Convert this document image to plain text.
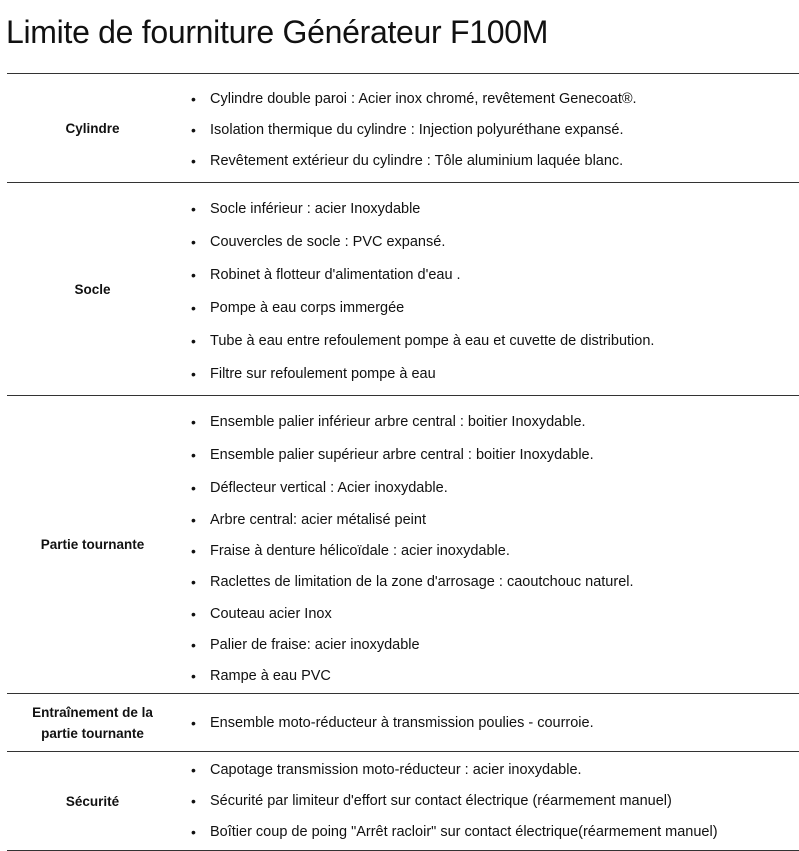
Limite de fourniture Générateur F100M
Cylindre
• Cylindre double paroi : Acier inox chromé, revêtement Genecoat®.
• Isolation thermique du cylindre : Injection polyuréthane expansé.
• Revêtement extérieur du cylindre : Tôle aluminium laquée blanc.
Socle
• Socle inférieur : acier Inoxydable
• Couvercles de socle : PVC expansé.
• Robinet à flotteur d'alimentation d'eau .
• Pompe à eau corps immergée
• Tube à eau entre refoulement pompe à eau et cuvette de distribution.
• Filtre sur refoulement pompe à eau
Partie tournante
• Ensemble palier inférieur arbre central : boitier Inoxydable.
• Ensemble palier supérieur arbre central : boitier Inoxydable.
• Déflecteur vertical : Acier inoxydable.
• Arbre central: acier métalisé peint
• Fraise à denture hélicoïdale : acier inoxydable.
• Raclettes de limitation de la zone d'arrosage : caoutchouc naturel.
• Couteau acier Inox
• Palier de fraise: acier inoxydable
• Rampe à eau PVC
Entraînement de la partie tournante
• Ensemble moto-réducteur à transmission poulies - courroie.
Sécurité
• Capotage transmission moto-réducteur : acier inoxydable.
• Sécurité par limiteur d'effort sur contact électrique (réarmement manuel)
• Boîtier coup de poing "Arrêt racloir" sur contact électrique(réarmement manuel)
